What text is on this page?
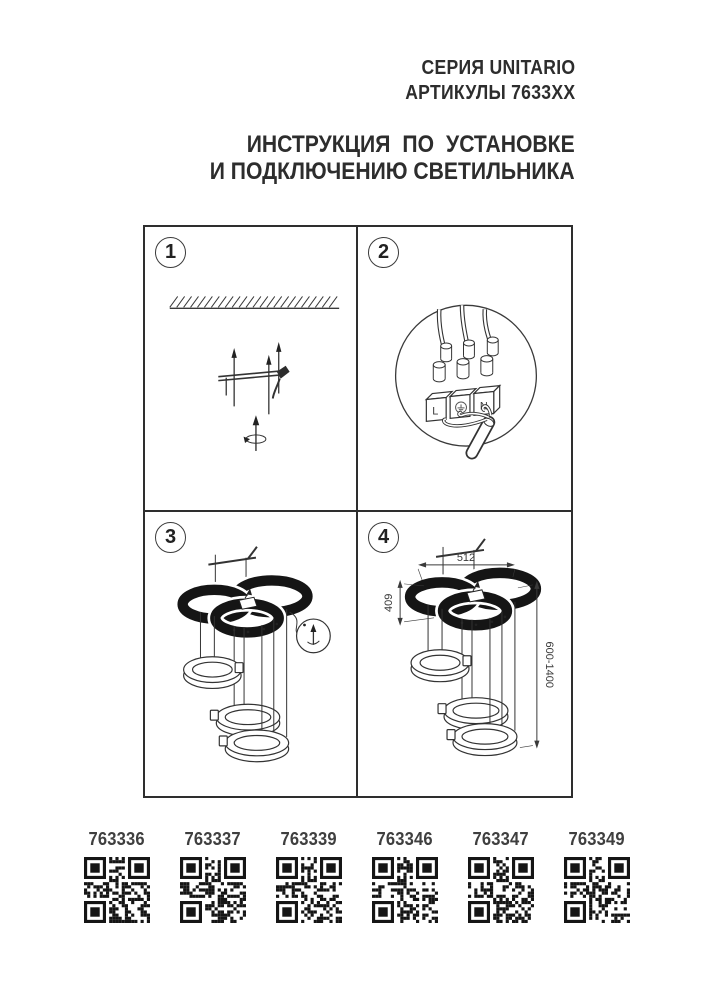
СЕРИЯ UNITARIO
АРТИКУЛЫ 7633XX
ИНСТРУКЦИЯ ПО УСТАНОВКЕ
И ПОДКЛЮЧЕНИЮ СВЕТИЛЬНИКА
1	2
L	N
3	4
512
409
600-1400
763336 763337 763339 763346 763347 763349
